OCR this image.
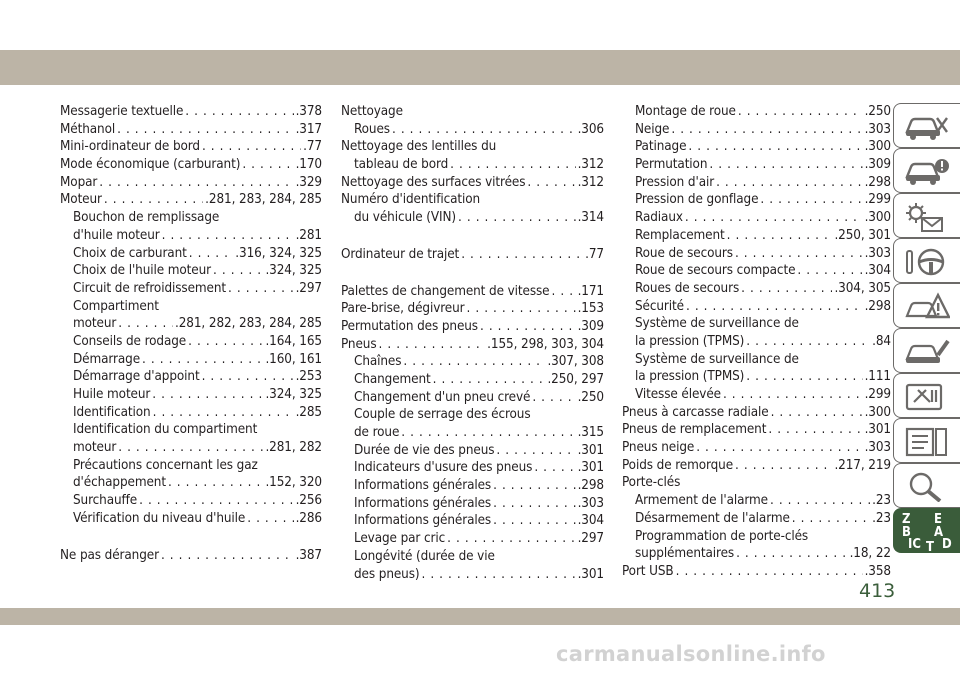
Messagerie textuelle . . .	.378
Méthanol . . .	.317
Mini-ordinateur de bord . . .	.77
Mode économique (carburant) . . .	.170
Mopar . . .	.329
Moteur . . .	.281, 283, 284, 285
Bouchon de remplissage
d'huile moteur . . .	.281
Choix de carburant . . .	.316, 324, 325
Choix de l'huile moteur . . .	.324, 325
Circuit de refroidissement . . .	.297
Compartiment
moteur . . .	.281, 282, 283, 284, 285
Conseils de rodage . . .	.164, 165
Démarrage . . .	.160, 161
Démarrage d'appoint . . .	.253
Huile moteur . . .	.324, 325
Identification . . .	.285
Identification du compartiment
moteur . . .	.281, 282
Précautions concernant les gaz
d'échappement . . .	.152, 320
Surchauffe . . .	.256
Vérification du niveau d'huile . . .	.286
Ne pas déranger . . .	.387
Nettoyage
Roues . . .	.306
Nettoyage des lentilles du
tableau de bord . . .	.312
Nettoyage des surfaces vitrées . . .	.312
Numéro d'identification
du véhicule (VIN) . . .	.314
Ordinateur de trajet . . .	.77
Palettes de changement de vitesse . . . .171
Pare-brise, dégivreur . . .	.153
Permutation des pneus . . .	.309
Pneus . . .	.155, 298, 303, 304
Chaînes . . .	.307, 308
Changement . . .	.250, 297
Changement d'un pneu crevé . . .	.250
Couple de serrage des écrous
de roue . . .	.315
Durée de vie des pneus . . .	.301
Indicateurs d'usure des pneus . . .	.301
Informations générales . . .	.298
Informations générales . . .	.303
Informations générales . . .	.304
Levage par cric . . .	.297
Longévité (durée de vie
des pneus) . . .	.301
Montage de roue . . .	.250
Neige . . .	.303
Patinage . . .	.300
Permutation . . .	.309
Pression d'air . . .	.298
Pression de gonflage . . .	.299
Radiaux . . .	.300
Remplacement . . .	.250, 301
Roue de secours . . .	.303
Roue de secours compacte . . .	.304
Roues de secours . . .	.304, 305
Sécurité . . .	.298
Système de surveillance de
la pression (TPMS) . . .	.84
Système de surveillance de
la pression (TPMS) . . .	.111
Vitesse élevée . . .	.299
Pneus à carcasse radiale . . .	.300
Pneus de remplacement . . .	.301
Pneus neige . . .	.303
Poids de remorque . . .	.217, 219
Porte-clés
Armement de l'alarme . . .	.23
Désarmement de l'alarme . . .	.23
Programmation de porte-clés
supplémentaires . . .	.18, 22
Port USB . . .	.358
Z E
B A
IC D
T
413
carmanualsonline.info
